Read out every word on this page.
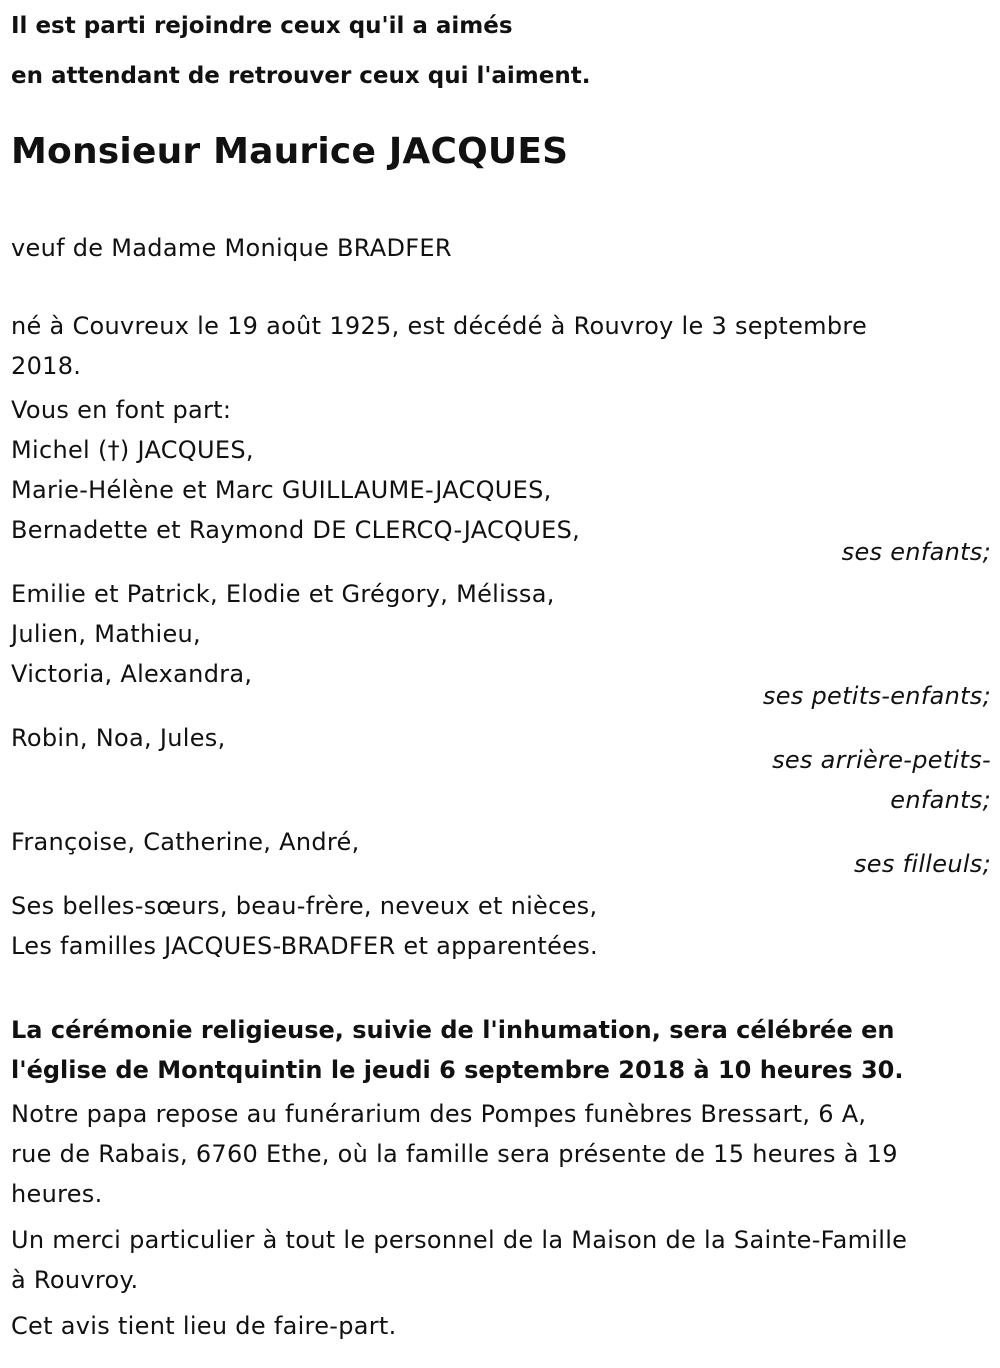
Il est parti rejoindre ceux qu'il a aimés

en attendant de retrouver ceux qui l'aiment.

Monsieur Maurice JACQUES

veuf de Madame Monique BRADFER

né à Couvreux le 19 août 1925, est décédé à Rouvroy le 3 septembre

2018.

Vous en font part:

Michel (†) JACQUES,

Marie-Hélène et Marc GUILLAUME-JACQUES,

Bernadette et Raymond DE CLERCQ-JACQUES,

ses enfants;

Emilie et Patrick, Elodie et Grégory, Mélissa,

Julien, Mathieu,

Victoria, Alexandra,

ses petits-enfants;

Robin, Noa, Jules,

ses arrière-petits-

enfants;

Françoise, Catherine, André,

ses filleuls;

Ses belles-sœurs, beau-frère, neveux et nièces,

Les familles JACQUES-BRADFER et apparentées.

La cérémonie religieuse, suivie de l'inhumation, sera célébrée en
l'église de Montquintin le jeudi 6 septembre 2018 à 10 heures 30.
Notre papa repose au funérarium des Pompes funèbres Bressart, 6 A,
rue de Rabais, 6760 Ethe, où la famille sera présente de 15 heures à 19
heures.
Un merci particulier à tout le personnel de la Maison de la Sainte-Famille
à Rouvroy.
Cet avis tient lieu de faire-part.
